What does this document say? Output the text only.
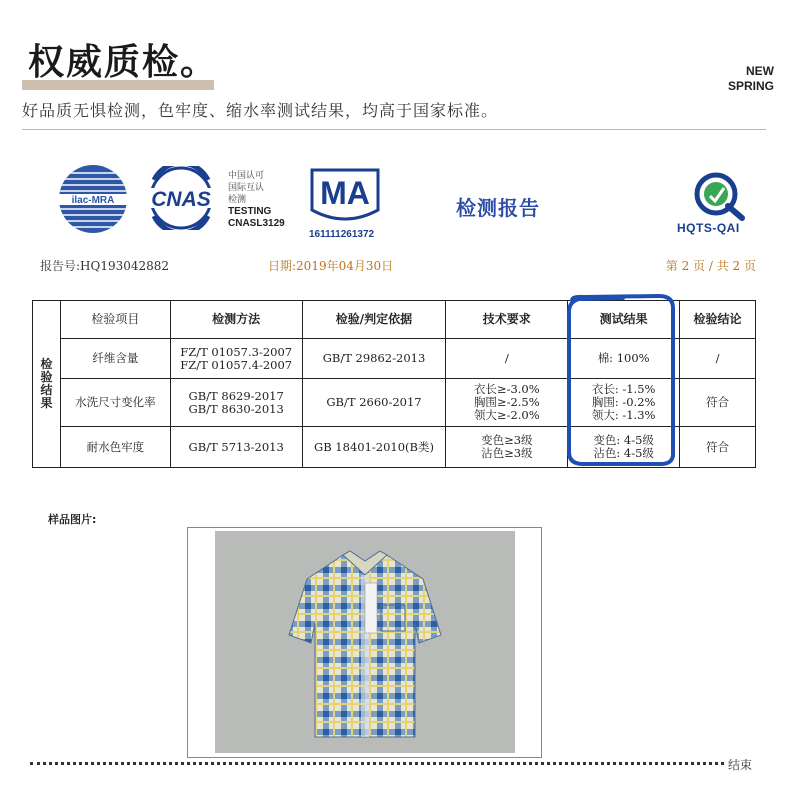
权威质检。	NEW
SPRING
好品质无惧检测，色牢度、缩水率测试结果，均高于国家标准。
ilac-MRA CNAS
中国认可
国际互认
检测
TESTING
CNASL3129
MA
161111261372
检测报告
HQTS-QAI
报告号:HQ193042882	日期:2019年04月30日	第 2 页 / 共 2 页
检
验
结
果	检验项目	检测方法	检验/判定依据	技术要求	测试结果	检验结论
	纤维含量	FZ/T 01057.3-2007
FZ/T 01057.4-2007	GB/T 29862-2013	/	棉: 100%	/
	水洗尺寸变化率	GB/T 8629-2017
GB/T 8630-2013	GB/T 2660-2017	衣长≥-3.0%
胸围≥-2.5%
领大≥-2.0%	衣长: -1.5%
胸围: -0.2%
领大: -1.3%	符合
	耐水色牢度	GB/T 5713-2013	GB 18401-2010(B类)	变色≥3级
沾色≥3级	变色: 4-5级
沾色: 4-5级	符合
样品图片:
结束
